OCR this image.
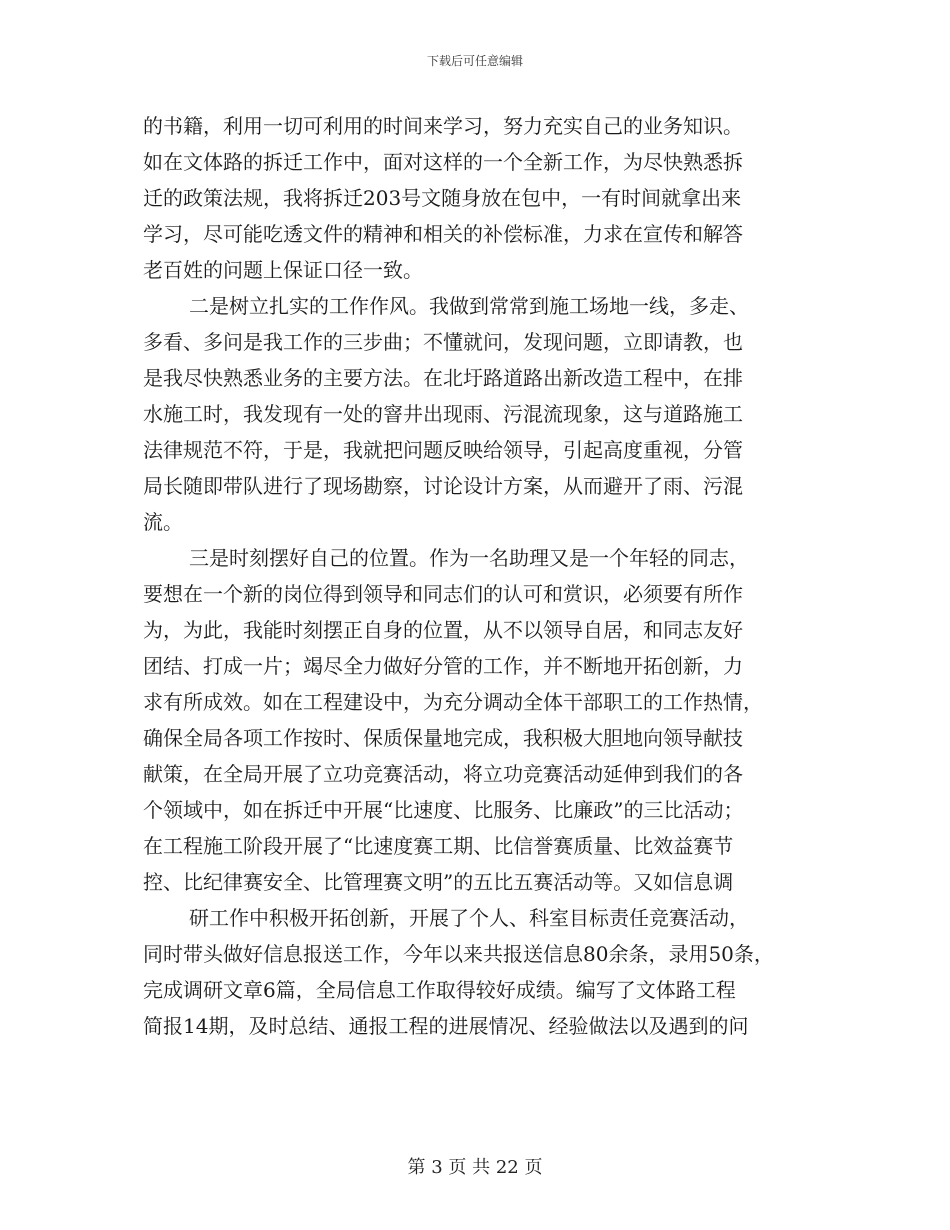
下载后可任意编辑
的书籍，利用一切可利用的时间来学习，努力充实自己的业务知识。
如在文体路的拆迁工作中，面对这样的一个全新工作，为尽快熟悉拆
迁的政策法规，我将拆迁203号文随身放在包中，一有时间就拿出来
学习，尽可能吃透文件的精神和相关的补偿标准，力求在宣传和解答
老百姓的问题上保证口径一致。
二是树立扎实的工作作风。我做到常常到施工场地一线，多走、
多看、多问是我工作的三步曲；不懂就问，发现问题，立即请教，也
是我尽快熟悉业务的主要方法。在北圩路道路出新改造工程中，在排
水施工时，我发现有一处的窨井出现雨、污混流现象，这与道路施工
法律规范不符，于是，我就把问题反映给领导，引起高度重视，分管
局长随即带队进行了现场勘察，讨论设计方案，从而避开了雨、污混
流。
三是时刻摆好自己的位置。作为一名助理又是一个年轻的同志，
要想在一个新的岗位得到领导和同志们的认可和赏识，必须要有所作
为，为此，我能时刻摆正自身的位置，从不以领导自居，和同志友好
团结、打成一片；竭尽全力做好分管的工作，并不断地开拓创新，力
求有所成效。如在工程建设中，为充分调动全体干部职工的工作热情，
确保全局各项工作按时、保质保量地完成，我积极大胆地向领导献技
献策，在全局开展了立功竞赛活动，将立功竞赛活动延伸到我们的各
个领域中，如在拆迁中开展“比速度、比服务、比廉政”的三比活动；
在工程施工阶段开展了“比速度赛工期、比信誉赛质量、比效益赛节
控、比纪律赛安全、比管理赛文明”的五比五赛活动等。又如信息调
研工作中积极开拓创新，开展了个人、科室目标责任竞赛活动，
同时带头做好信息报送工作，今年以来共报送信息80余条，录用50条，
完成调研文章6篇，全局信息工作取得较好成绩。编写了文体路工程
简报14期，及时总结、通报工程的进展情况、经验做法以及遇到的问
第 3 页 共 22 页
